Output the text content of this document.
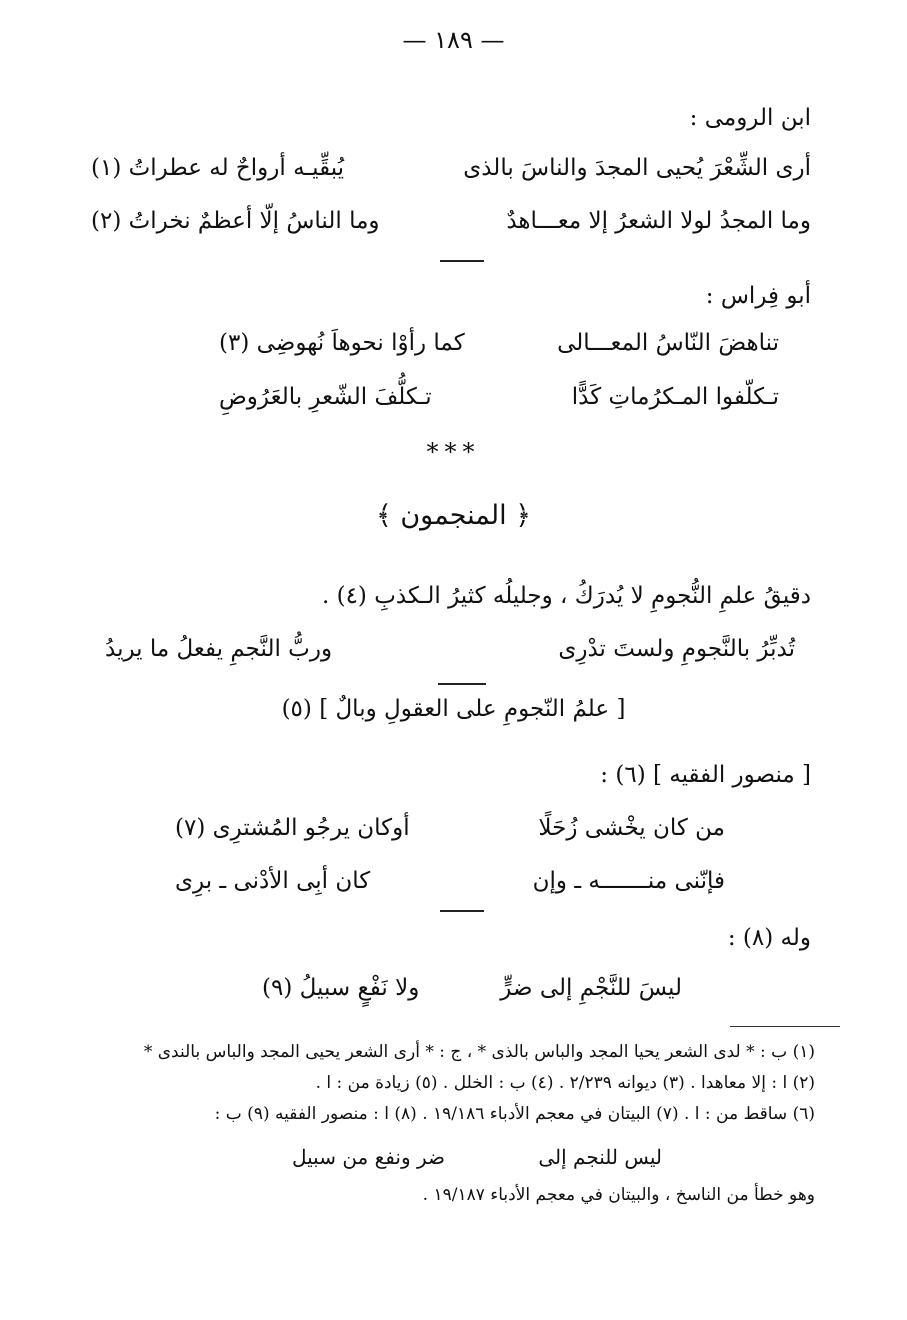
— ١٨٩ —
ابن الرومى :
أرى الشِّعْرَ يُحيى المجدَ والناسَ بالذى
يُبقِّيـه أرواحٌ له عطراتُ (١)
وما المجدُ لولا الشعرُ إلا معـــاهدٌ
وما الناسُ إلّا أعظمٌ نخراتُ (٢)
أبو فِراس :
تناهضَ النّاسُ المعـــالى
كما رأوْا نحوهاَ نُهوضِى (٣)
تـكلّفوا المـكرُماتِ كَدًّا
تـكلُّفَ الشّعرِ بالعَرُوضِ
***
﴿ المنجمون ﴾
دقيقُ علمِ النُّجومِ لا يُدرَكُ ، وجليلُه كثيرُ الـكذبِ (٤) .
تُدبِّرُ بالنَّجومِ ولستَ تدْرِى
وربُّ النَّجمِ يفعلُ ما يريدُ
[ علمُ النّجومِ على العقولِ وبالٌ ] (٥)
[ منصور الفقيه ] (٦) :
من كان يخْشى زُحَلًا
أوكان يرجُو المُشترِى (٧)
فإنّنى منـــــــه ـ وإن
كان أبِى الأدْنى ـ برِى
وله (٨) :
ليسَ للنَّجْمِ إلى ضرٍّ
ولا نَفْعٍ سبيلُ (٩)
(١) ب : * لدى الشعر يحيا المجد والباس بالذى * ، ج : * أرى الشعر يحيى المجد والباس بالندى *
(٢) ا : إلا معاهدا . (٣) ديوانه ٢/٢٣٩ . (٤) ب : الخلل . (٥) زيادة من : ا .
(٦) ساقط من : ا . (٧) البيتان في معجم الأدباء ١٩/١٨٦ . (٨) ا : منصور الفقيه (٩) ب :
ليس للنجم إلى
ضر ونفع من سبيل
وهو خطأ من الناسخ ، والبيتان في معجم الأدباء ١٩/١٨٧ .
